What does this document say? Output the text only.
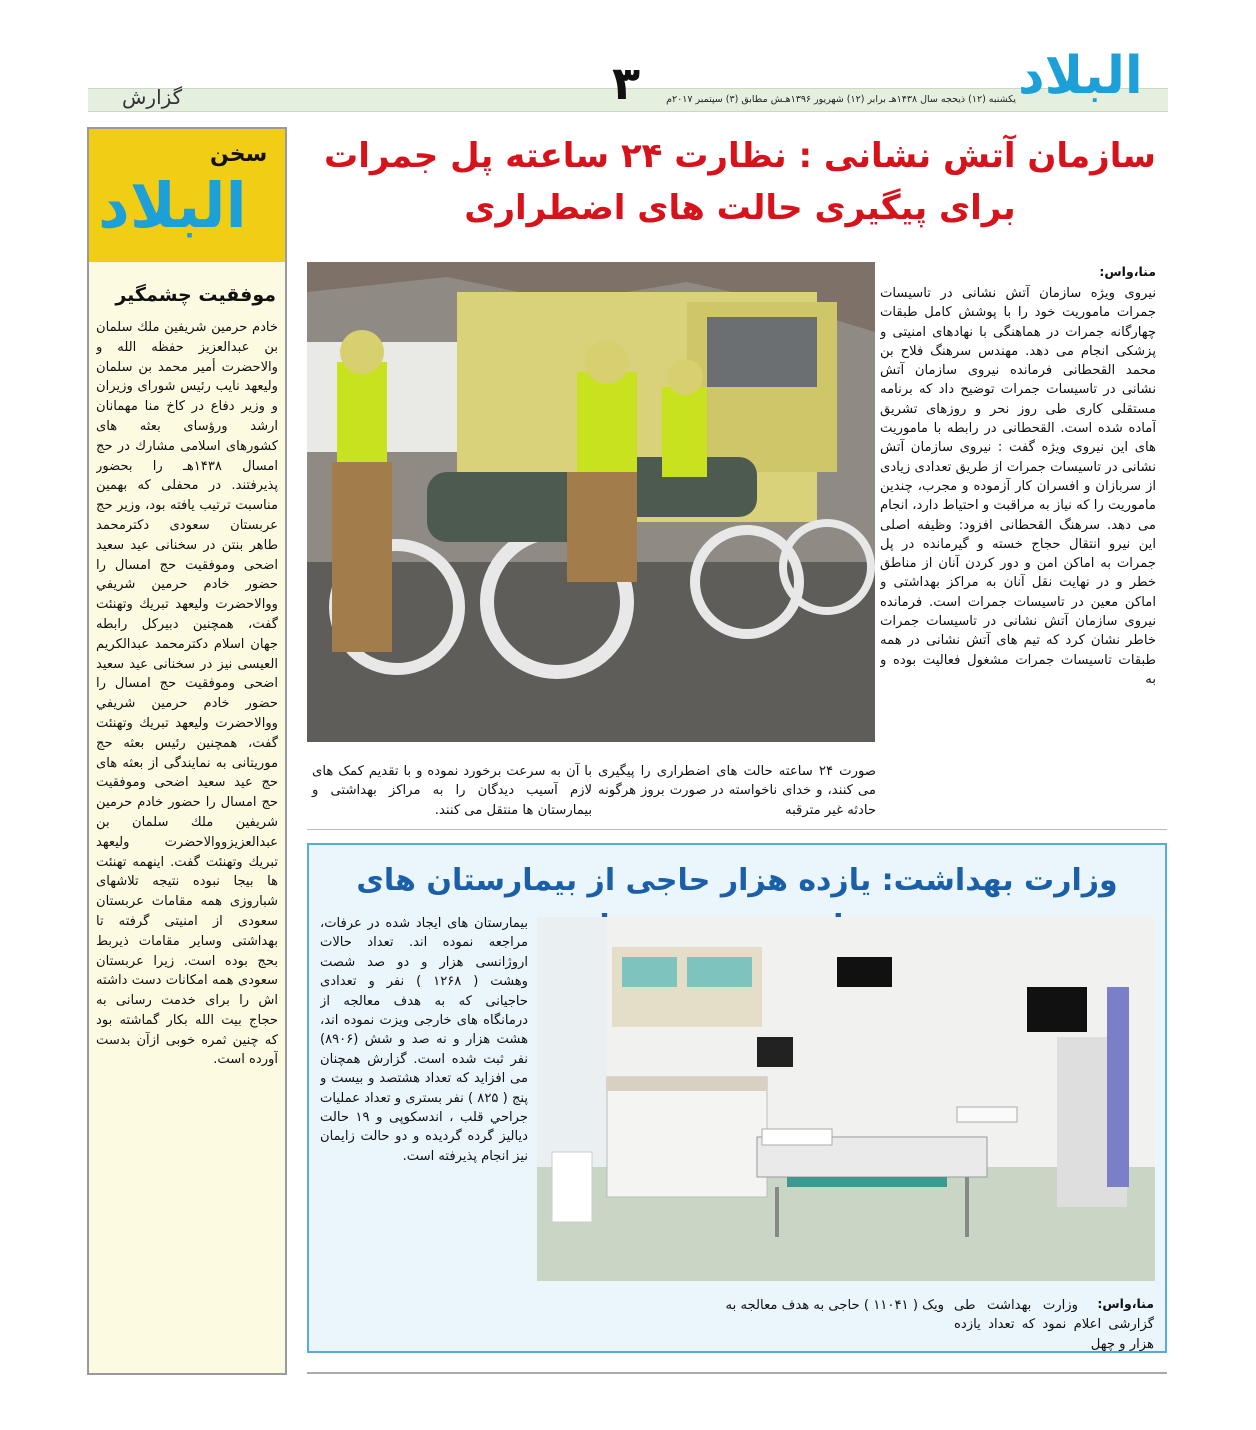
البلاد
۳	یکشنبه (۱۲) ذیحجه سال ۱۴۳۸هـ برابر (۱۲) شهریور ۱۳۹۶هـش مطابق (۳) سپتمبر ۲۰۱۷م
گزارش
سخن
البلاد
موفقیت چشمگیر
خادم حرمین شریفین ملك سلمان بن عبدالعزیز حفظه الله و والاحضرت أمیر محمد بن سلمان ولیعهد نایب رئیس شورای وزیران و وزیر دفاع در کاخ منا مهمانان ارشد ورؤسای بعثه های کشورهای اسلامی مشارك در حج امسال ۱۴۳۸هـ را بحضور پذیرفتند. در محفلی که بهمین مناسبت ترتیب یافته بود، وزیر حج عربستان سعودی دکترمحمد طاهر بنتن در سخنانی عید سعید اضحی وموفقیت حج امسال را حضور خادم حرمین شریفي ووالاحضرت ولیعهد تبریك وتهنئت گفت، همچنین دبیرکل رابطه جهان اسلام دکترمحمد عبدالکریم العیسی نیز در سخنانی عید سعید اضحی وموفقیت حج امسال را حضور خادم حرمین شریفي ووالاحضرت ولیعهد تبریك وتهنئت گفت، همچنین رئیس بعثه حج موریتانی به نمایندگی از بعثه های حج عید سعید اضحی وموفقیت حج امسال را حضور خادم حرمین شریفین ملك سلمان بن عبدالعزیزووالاحضرت ولیعهد تبریك وتهنئت گفت. اینهمه تهنئت ها بیجا نبوده نتیجه تلاشهای شباروزی همه مقامات عربستان سعودی از امنیتی گرفته تا بهداشتی وسایر مقامات ذیربط بحج بوده است. زیرا عربستان سعودی همه امکانات دست داشته اش را برای خدمت رسانی به حجاج بیت الله بکار گماشته بود که چنین ثمره خوبی ازآن بدست آورده است.
سازمان آتش نشانی : نظارت ۲۴ ساعته پل جمرات
برای پیگیری حالت های اضطراری
منا،واس:
نیروی ویژه سازمان آتش نشانی در تاسیسات جمرات ماموریت خود را با پوشش کامل طبقات چهارگانه جمرات در هماهنگی با نهادهای امنیتی و پزشکی انجام می دهد. مهندس سرهنگ فلاح بن محمد القحطانی فرمانده نیروی سازمان آتش نشانی در تاسیسات جمرات توضیح داد که برنامه مستقلی کاری طی روز نحر و روزهای تشریق آماده شده است. القحطانی در رابطه با ماموریت های این نیروی ویژه گفت : نیروی سازمان آتش نشانی در تاسیسات جمرات از طریق تعدادی زیادی از سربازان و افسران کار آزموده و مجرب، چندین ماموریت را که نیاز به مراقبت و احتیاط دارد، انجام می دهد. سرهنگ القحطانی افزود: وظیفه اصلی این نیرو انتقال حجاج خسته و گیرمانده در پل جمرات به اماکن امن و دور کردن آنان از مناطق خطر و در نهایت نقل آنان به مراکز بهداشتی و اماکن معین در تاسیسات جمرات است. فرمانده نیروی سازمان آتش نشانی در تاسیسات جمرات خاطر نشان کرد که تیم های آتش نشانی در همه طبقات تاسیسات جمرات مشغول فعالیت بوده و به
صورت ۲۴ ساعته حالت های اضطراری را پیگیری می کنند، و خدای ناخواسته در صورت بروز هرگونه حادثه غیر مترقبه
با آن به سرعت برخورد نموده و با تقدیم کمک های لازم آسیب دیدگان را به مراکز بهداشتی و بیمارستان ها منتقل می کنند.
وزارت بهداشت: یازده هزار حاجی از بیمارستان های
بیمارستان های ایجاد شده در عرفات، مراجعه نموده اند. تعداد حالات اروژانسی هزار و دو صد شصت وهشت ( ۱۲۶۸ ) نفر و تعدادی حاجیانی که به هدف معالجه از درمانگاه های خارجی ویزت نموده اند، هشت هزار و نه صد و شش (۸۹۰۶) نفر ثبت شده است. گزارش همچنان می افزاید که تعداد هشتصد و بیست و پنج ( ۸۲۵ ) نفر بستری و تعداد عملیات جراحي قلب ، اندسکوپی و ۱۹ حالت دیالیز گرده گردیده و دو حالت زایمان نیز انجام پذیرفته است.
منا،واس:
وزارت بهداشت طی گزارشی اعلام نمود که تعداد یازده هزار و چهل
ویک ( ۱۱۰۴۱ ) حاجی به هدف معالجه به
